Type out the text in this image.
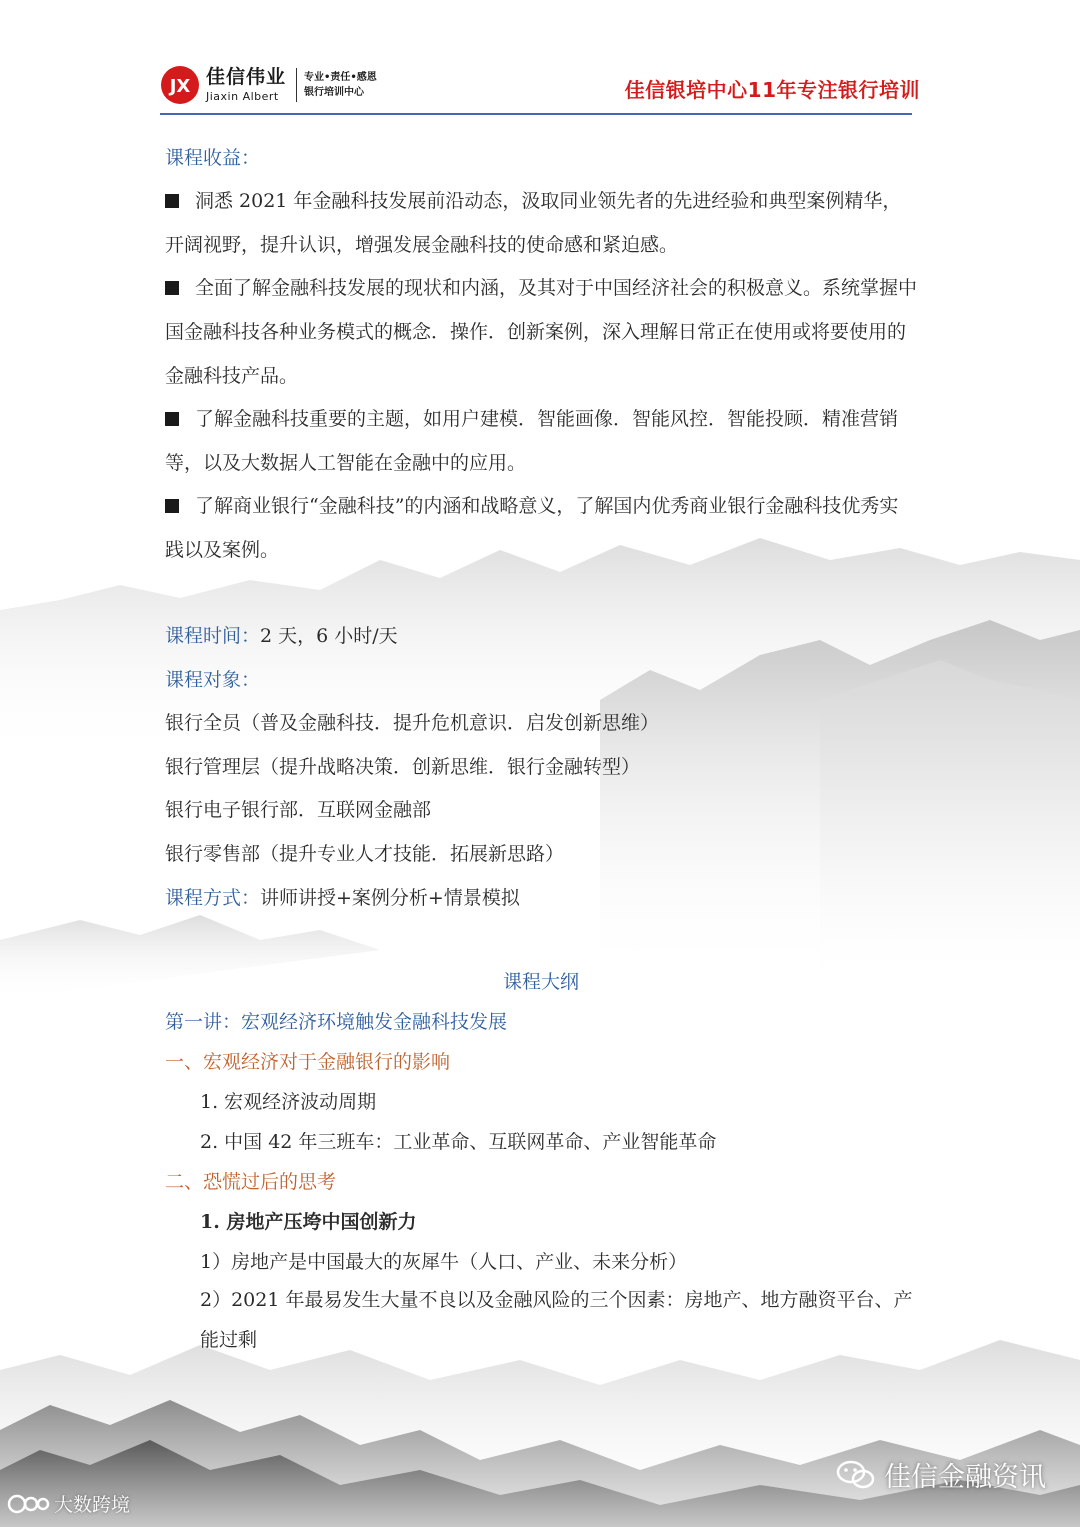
JX 佳信伟业
Jiaxin Albert
专业•责任•感恩
银行培训中心	佳信银培中心11年专注银行培训

课程收益：

洞悉 2021 年金融科技发展前沿动态，汲取同业领先者的先进经验和典型案例精华，开阔视野，提升认识，增强发展金融科技的使命感和紧迫感。

全面了解金融科技发展的现状和内涵，及其对于中国经济社会的积极意义。系统掌握中国金融科技各种业务模式的概念．操作．创新案例，深入理解日常正在使用或将要使用的金融科技产品。

了解金融科技重要的主题，如用户建模．智能画像．智能风控．智能投顾．精准营销等，以及大数据人工智能在金融中的应用。

了解商业银行“金融科技”的内涵和战略意义，了解国内优秀商业银行金融科技优秀实践以及案例。

课程时间：2 天，6 小时/天

课程对象：

银行全员（普及金融科技．提升危机意识．启发创新思维）

银行管理层（提升战略决策．创新思维．银行金融转型）

银行电子银行部．互联网金融部

银行零售部（提升专业人才技能．拓展新思路）

课程方式：讲师讲授+案例分析+情景模拟

课程大纲

第一讲：宏观经济环境触发金融科技发展

一、宏观经济对于金融银行的影响

1. 宏观经济波动周期

2. 中国 42 年三班车：工业革命、互联网革命、产业智能革命

二、恐慌过后的思考

1. 房地产压垮中国创新力

1）房地产是中国最大的灰犀牛（人口、产业、未来分析）

2）2021 年最易发生大量不良以及金融风险的三个因素：房地产、地方融资平台、产能过剩

大数跨境
佳信金融资讯
